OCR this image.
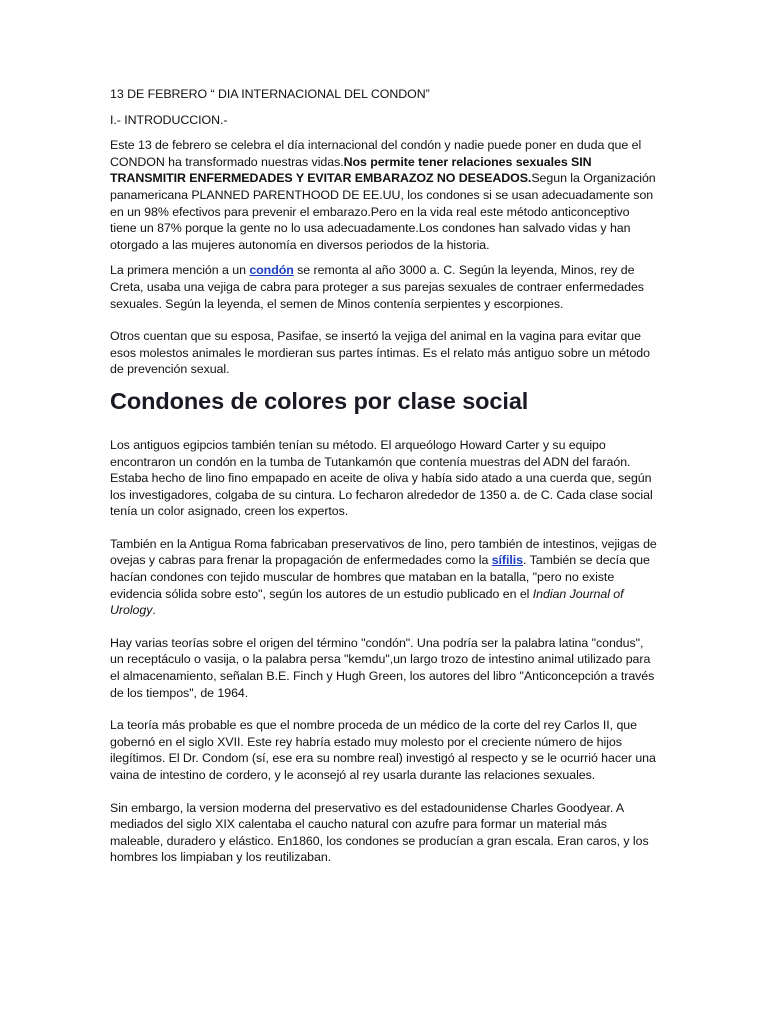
13 DE FEBRERO “ DIA INTERNACIONAL DEL CONDON”

I.- INTRODUCCION.-

Este 13 de febrero se celebra el día internacional del condón y nadie puede poner en duda que el CONDON ha transformado nuestras vidas.Nos permite tener relaciones sexuales SIN TRANSMITIR ENFERMEDADES Y EVITAR EMBARAZOZ NO DESEADOS.Segun la Organización panamericana PLANNED PARENTHOOD DE EE.UU, los condones si se usan adecuadamente son en un 98% efectivos para prevenir el embarazo.Pero en la vida real este método anticonceptivo tiene un 87% porque la gente no lo usa adecuadamente.Los condones han salvado vidas y han otorgado a las mujeres autonomía en diversos periodos de la historia.

La primera mención a un condón se remonta al año 3000 a. C. Según la leyenda, Minos, rey de Creta, usaba una vejiga de cabra para proteger a sus parejas sexuales de contraer enfermedades sexuales. Según la leyenda, el semen de Minos contenía serpientes y escorpiones.

Otros cuentan que su esposa, Pasifae, se insertó la vejiga del animal en la vagina para evitar que esos molestos animales le mordieran sus partes íntimas. Es el relato más antiguo sobre un método de prevención sexual.

Condones de colores por clase social

Los antiguos egipcios también tenían su método. El arqueólogo Howard Carter y su equipo encontraron un condón en la tumba de Tutankamón que contenía muestras del ADN del faraón. Estaba hecho de lino fino empapado en aceite de oliva y había sido atado a una cuerda que, según los investigadores, colgaba de su cintura. Lo fecharon alrededor de 1350 a. de C. Cada clase social tenía un color asignado, creen los expertos.

También en la Antigua Roma fabricaban preservativos de lino, pero también de intestinos, vejigas de ovejas y cabras para frenar la propagación de enfermedades como la sífilis. También se decía que hacían condones con tejido muscular de hombres que mataban en la batalla, "pero no existe evidencia sólida sobre esto", según los autores de un estudio publicado en el Indian Journal of Urology.

Hay varias teorías sobre el origen del término "condón". Una podría ser la palabra latina "condus", un receptáculo o vasija, o la palabra persa "kemdu",un largo trozo de intestino animal utilizado para el almacenamiento, señalan B.E. Finch y Hugh Green, los autores del libro "Anticoncepción a través de los tiempos", de 1964.

La teoría más probable es que el nombre proceda de un médico de la corte del rey Carlos II, que gobernó en el siglo XVII. Este rey habría estado muy molesto por el creciente número de hijos ilegítimos. El Dr. Condom (sí, ese era su nombre real) investigó al respecto y se le ocurrió hacer una vaina de intestino de cordero, y le aconsejó al rey usarla durante las relaciones sexuales.

Sin embargo, la version moderna del preservativo es del estadounidense Charles Goodyear. A mediados del siglo XIX calentaba el caucho natural con azufre para formar un material más maleable, duradero y elástico. En1860, los condones se producían a gran escala. Eran caros, y los hombres los limpiaban y los reutilizaban.
